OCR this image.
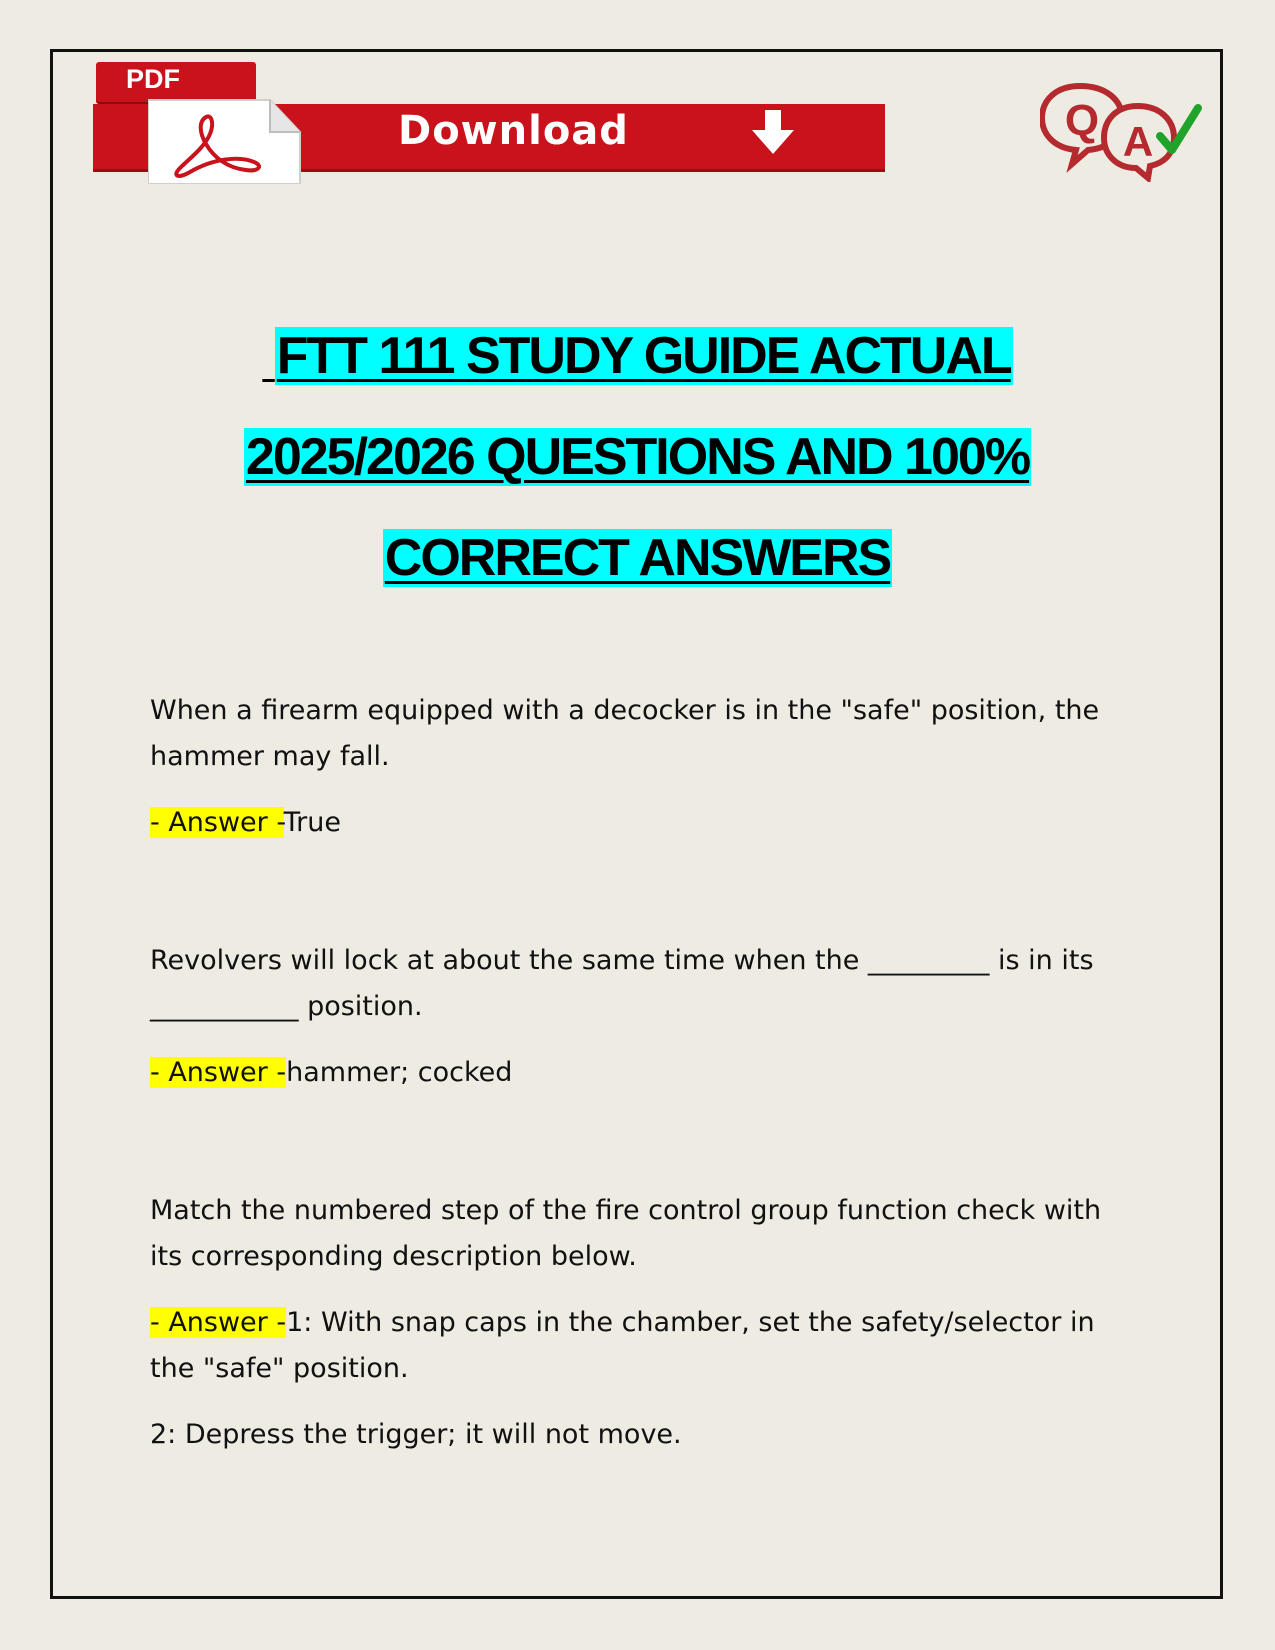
PDF
Download	Q A
FTT 111 STUDY GUIDE ACTUAL
2025/2026 QUESTIONS AND 100%
CORRECT ANSWERS

When a firearm equipped with a decocker is in the "safe" position, the hammer may fall.

- Answer -True

Revolvers will lock at about the same time when the _________ is in its ___________ position.

- Answer -hammer; cocked

Match the numbered step of the fire control group function check with its corresponding description below.

- Answer -1: With snap caps in the chamber, set the safety/selector in the "safe" position.

2: Depress the trigger; it will not move.
